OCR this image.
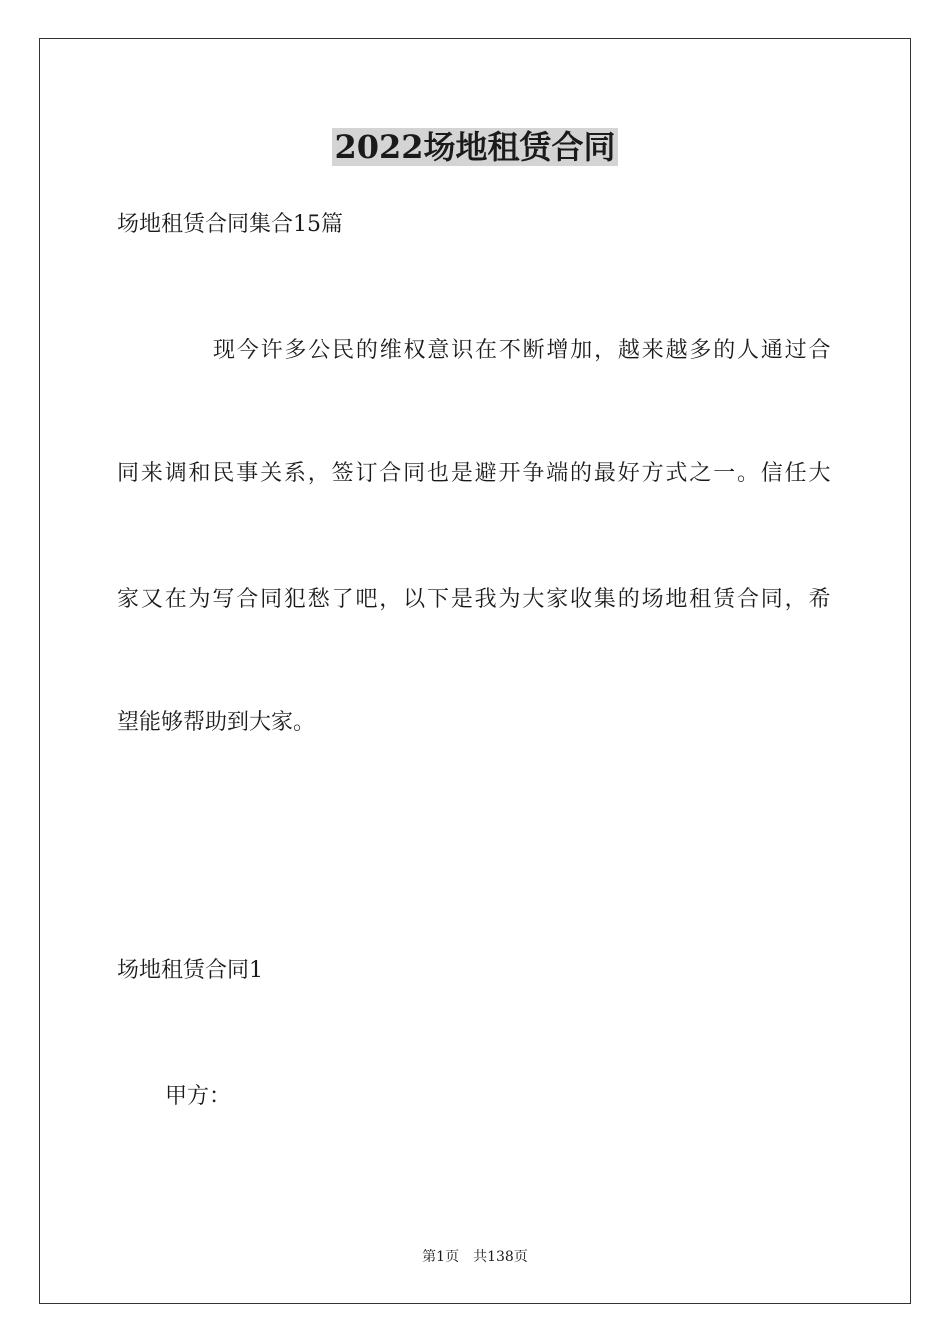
2022场地租赁合同
场地租赁合同集合15篇
现今许多公民的维权意识在不断增加，越来越多的人通过合
同来调和民事关系，签订合同也是避开争端的最好方式之一。信任大
家又在为写合同犯愁了吧，以下是我为大家收集的场地租赁合同，希
望能够帮助到大家。
场地租赁合同1
甲方：
第1页 共138页
